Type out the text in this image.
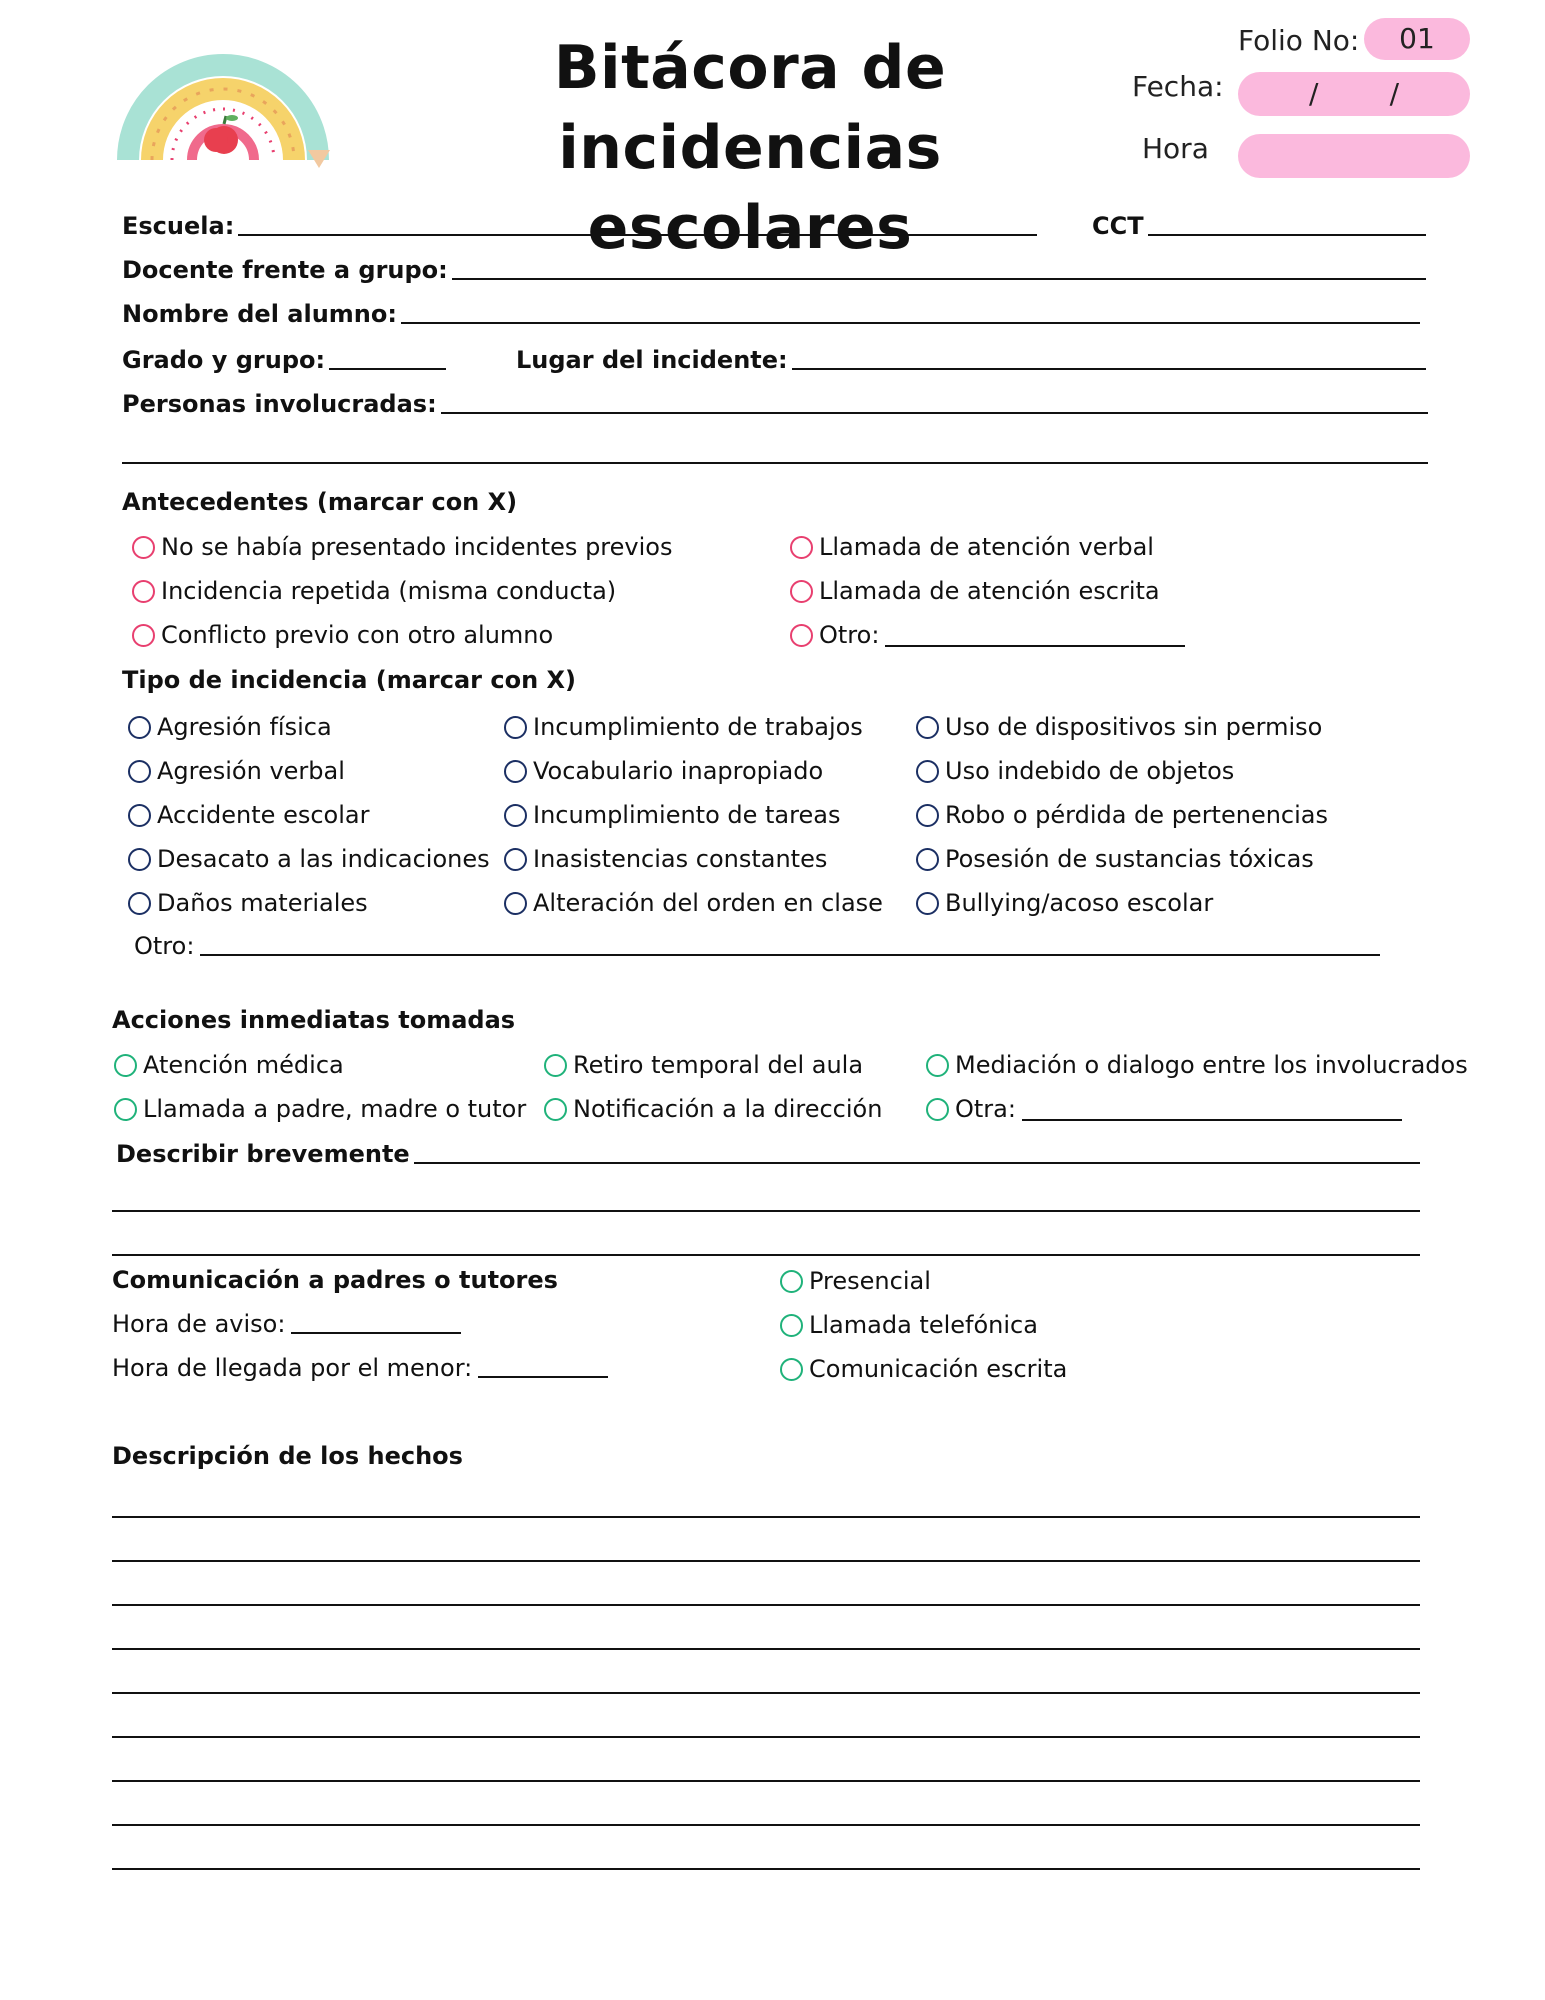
Bitácora de incidencias
escolares
Folio No:	01
Fecha:	/        /
Hora
Escuela:	CCT
Docente frente a grupo:
Nombre del alumno:
Grado y grupo:	Lugar del incidente:
Personas involucradas:
Antecedentes (marcar con X)
No se había presentado incidentes previos
Incidencia repetida (misma conducta)
Conflicto previo con otro alumno
Llamada de atención verbal
Llamada de atención escrita
Otro:
Tipo de incidencia (marcar con X)
Agresión física
Agresión verbal
Accidente escolar
Desacato a las indicaciones
Daños materiales
Incumplimiento de trabajos
Vocabulario inapropiado
Incumplimiento de tareas
Inasistencias constantes
Alteración del orden en clase
Uso de dispositivos sin permiso
Uso indebido de objetos
Robo o pérdida de pertenencias
Posesión de sustancias tóxicas
Bullying/acoso escolar
Otro:
Acciones inmediatas tomadas
Atención médica
Llamada a padre, madre o tutor
Retiro temporal del aula
Notificación a la dirección
Mediación o dialogo entre los involucrados
Otra:
Describir brevemente
Comunicación a padres o tutores
Hora de aviso:
Hora de llegada por el menor:
Presencial
Llamada telefónica
Comunicación escrita
Descripción de los hechos
